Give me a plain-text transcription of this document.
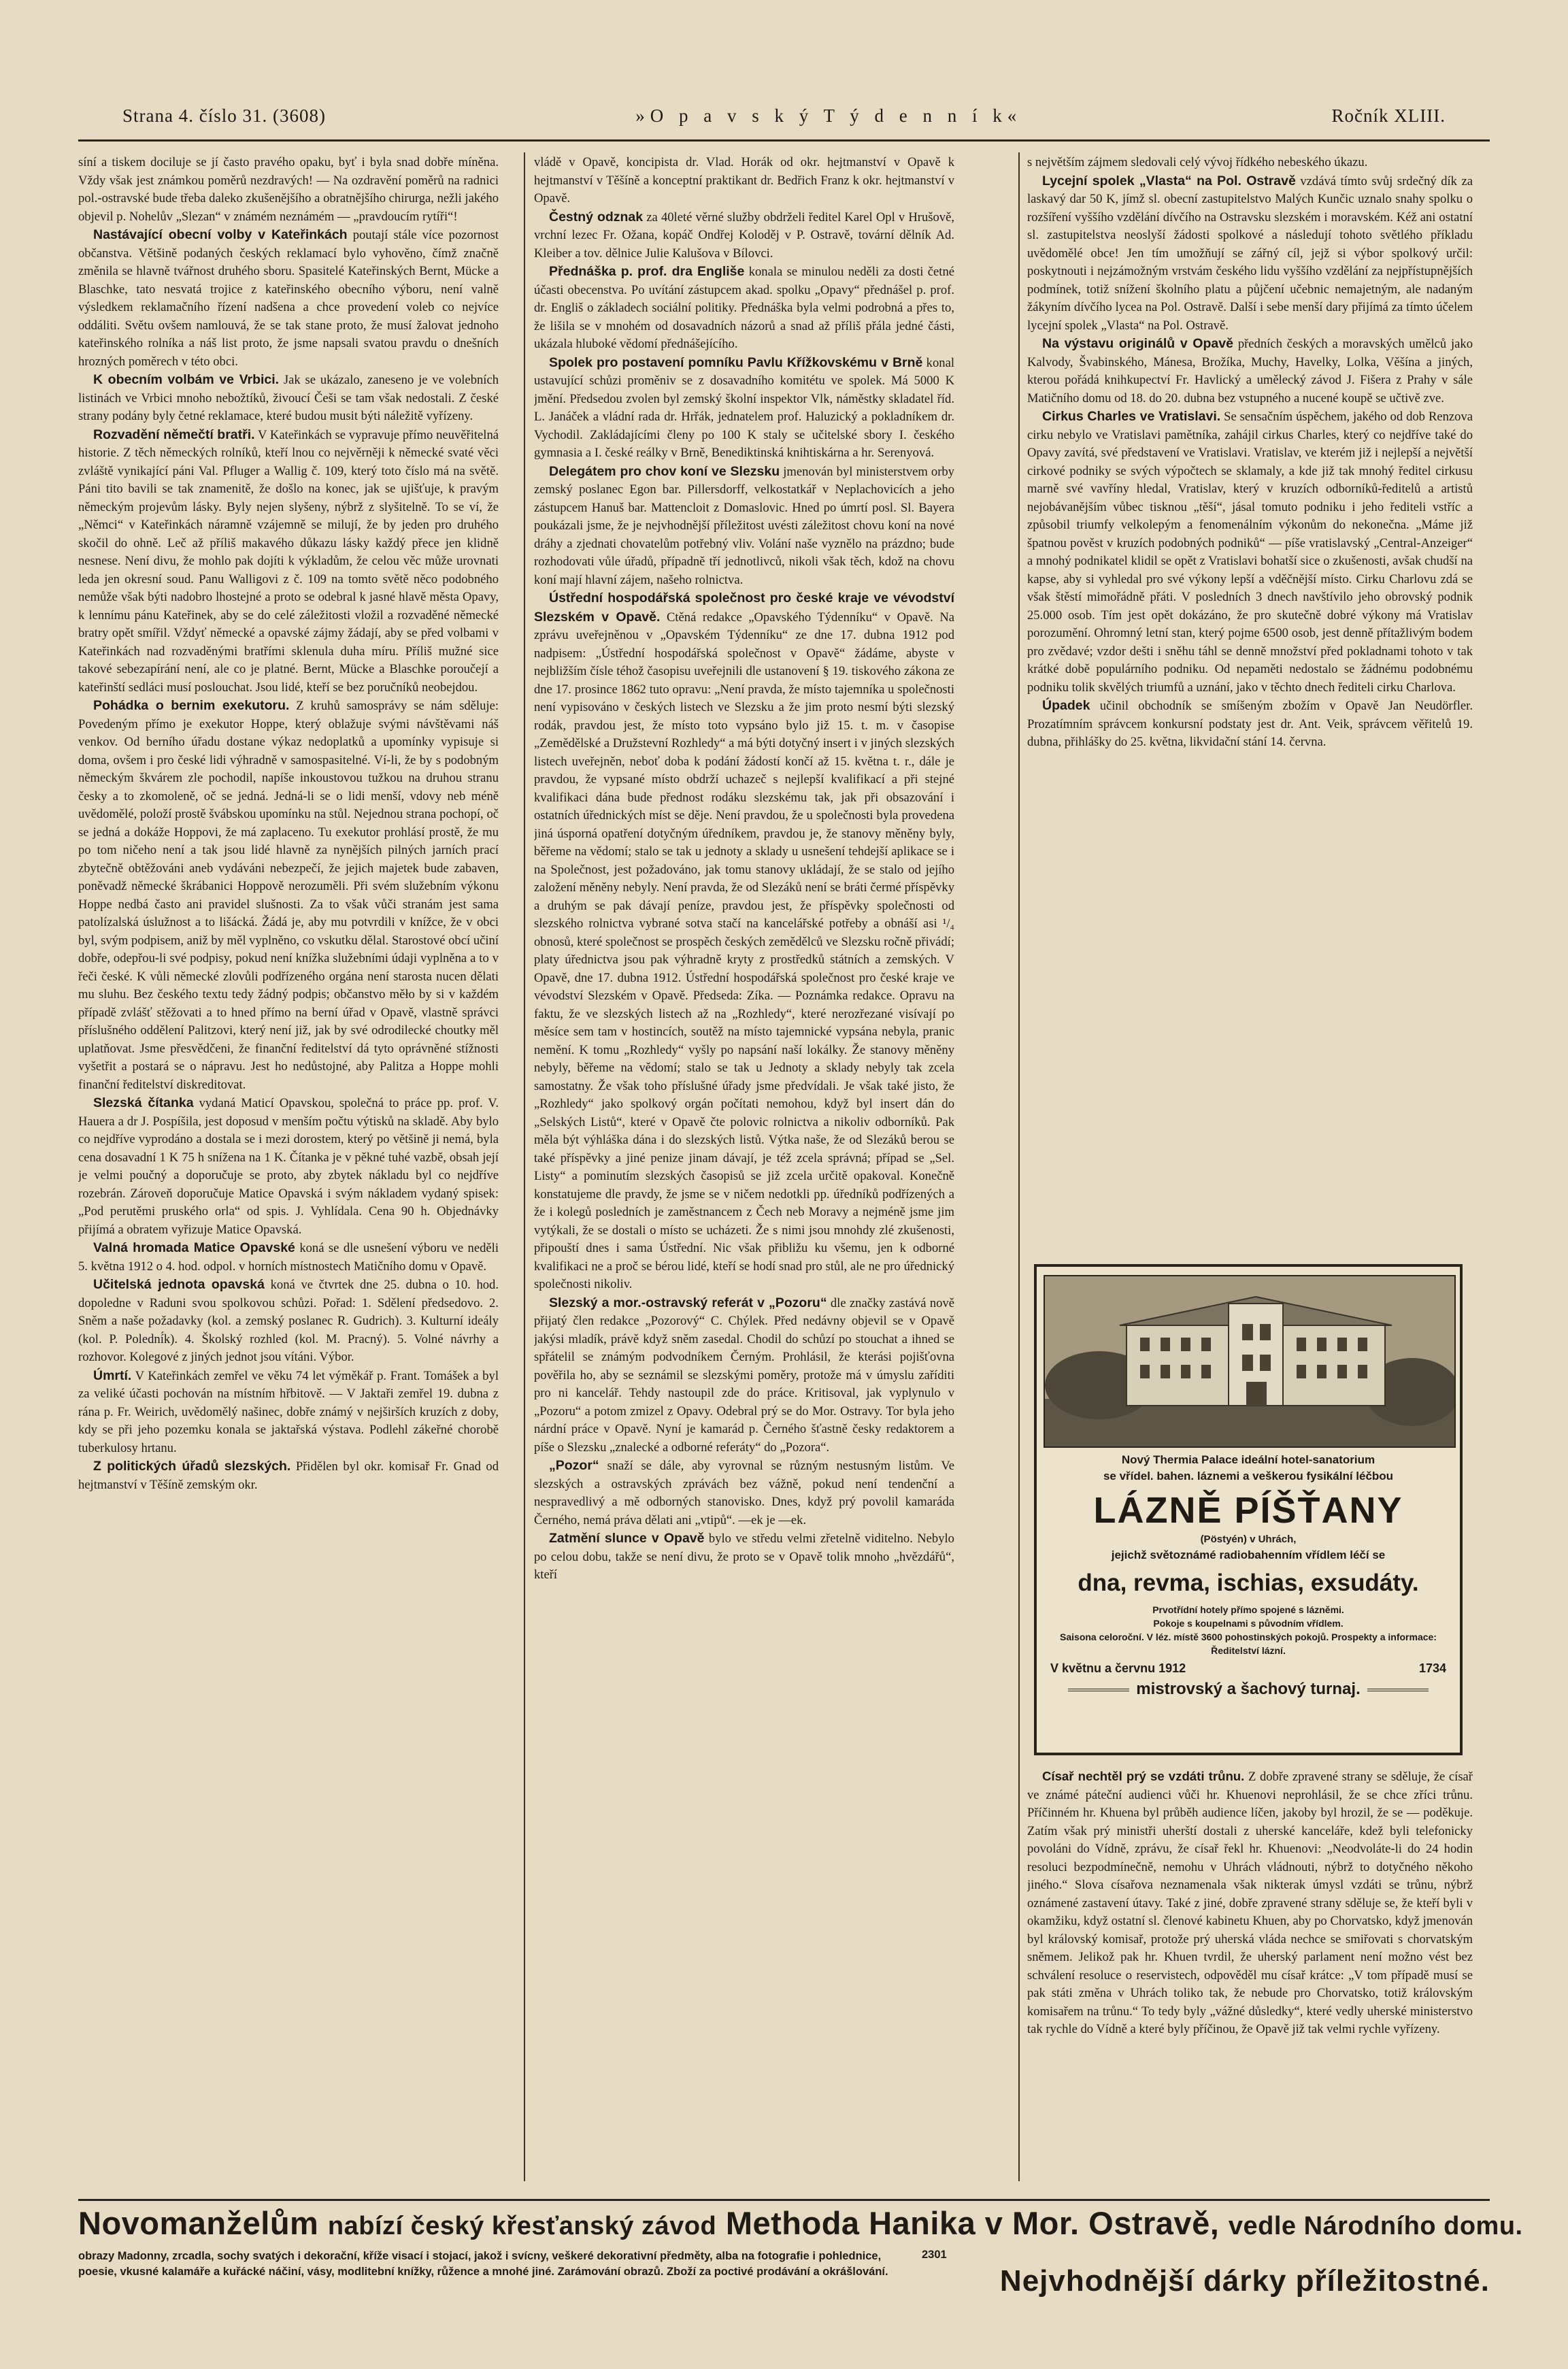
Strana 4. číslo 31. (3608)	»O p a v s k ý T ý d e n n í k«	Ročník XLIII.

síní a tiskem dociluje se jí často pravého opaku, byť i byla snad dobře míněna. Vždy však jest známkou poměrů nezdravých! — Na ozdravění poměrů na radnici pol.-ostravské bude třeba daleko zkušenějšího a obratnějšího chirurga, nežli jakého objevil p. Nohelův „Slezan“ v známém neznámém — „pravdoucím rytíři“!

Nastávající obecní volby v Kateřinkách poutají stále více pozornost občanstva. Většině podaných českých reklamací bylo vyhověno, čímž značně změnila se hlavně tvářnost druhého sboru. Spasitelé Kateřinských Bernt, Mücke a Blaschke, tato nesvatá trojice z kateřinského obecního výboru, není valně výsledkem reklamačního řízení nadšena a chce provedení voleb co nejvíce oddáliti. Světu ovšem namlouvá, že se tak stane proto, že musí žalovat jednoho kateřinského rolníka a náš list proto, že jsme napsali svatou pravdu o dnešních hrozných poměrech v této obci.

K obecním volbám ve Vrbici. Jak se ukázalo, zaneseno je ve volebních listinách ve Vrbici mnoho nebožtíků, živoucí Češi se tam však nedostali. Z české strany podány byly četné reklamace, které budou musit býti náležitě vyřízeny.

Rozvadění němečtí bratři. V Kateřinkách se vypravuje přímo neuvěřitelná historie. Z těch německých rolníků, kteří lnou co nejvěrněji k německé svaté věci zvláště vynikající páni Val. Pfluger a Wallig č. 109, který toto číslo má na světě. Páni tito bavili se tak znamenitě, že došlo na konec, jak se ujišťuje, k pravým německým projevům lásky. Byly nejen slyšeny, nýbrž z slyšitelně. To se ví, že „Němci“ v Kateřinkách náramně vzájemně se milují, že by jeden pro druhého skočil do ohně. Leč až příliš makavého důkazu lásky každý přece jen klidně nesnese. Není divu, že mohlo pak dojíti k výkladům, že celou věc může urovnati leda jen okresní soud. Panu Walligovi z č. 109 na tomto světě něco podobného nemůže však býti nadobro lhostejné a proto se odebral k jasné hlavě města Opavy, k lennímu pánu Kateřinek, aby se do celé záležitosti vložil a rozvaděné německé bratry opět smířil. Vždyť německé a opavské zájmy žádají, aby se před volbami v Kateřinkách nad rozvaděnými bratřími sklenula duha míru. Příliš mužné sice takové sebezapírání není, ale co je platné. Bernt, Mücke a Blaschke poroučejí a kateřinští sedláci musí poslouchat. Jsou lidé, kteří se bez poručníků neobejdou.

Pohádka o bernim exekutoru. Z kruhů samosprávy se nám sděluje: Povedeným přímo je exekutor Hoppe, který oblažuje svými návštěvami náš venkov. Od berního úřadu dostane výkaz nedoplatků a upomínky vypisuje si doma, ovšem i pro české lidi výhradně v samospasitelné. Ví-li, že by s podobným německým škvárem zle pochodil, napíše inkoustovou tužkou na druhou stranu česky a to zkomoleně, oč se jedná. Jedná-li se o lidi menší, vdovy neb méně uvědomělé, položí prostě švábskou upomínku na stůl. Nejednou strana pochopí, oč se jedná a dokáže Hoppovi, že má zaplaceno. Tu exekutor prohlásí prostě, že mu po tom ničeho není a tak jsou lidé hlavně za nynějších pilných jarních prací zbytečně obtěžováni aneb vydáváni nebezpečí, že jejich majetek bude zabaven, poněvadž německé škrábanici Hoppově nerozuměli. Při svém služebním výkonu Hoppe nedbá často ani pravidel slušnosti. Za to však vůči stranám jest sama patolízalská úslužnost a to lišácká. Žádá je, aby mu potvrdili v knížce, že v obci byl, svým podpisem, aniž by měl vyplněno, co vskutku dělal. Starostové obcí učiní dobře, odepřou-li své podpisy, pokud není knížka služebními údaji vyplněna a to v řeči české. K vůli německé zlovůli podřízeného orgána není starosta nucen dělati mu sluhu. Bez českého textu tedy žádný podpis; občanstvo měło by si v každém případě zvlášť stěžovati a to hned přímo na berní úřad v Opavě, vlastně správci příslušného oddělení Palitzovi, který není již, jak by své odrodilecké choutky měl uplatňovat. Jsme přesvědčeni, že finanční ředitelství dá tyto oprávněné stížnosti vyšetřit a postará se o nápravu. Jest ho nedůstojné, aby Palitza a Hoppe mohli finanční ředitelství diskreditovat.

Slezská čítanka vydaná Maticí Opavskou, společná to práce pp. prof. V. Hauera a dr J. Pospíšila, jest doposud v menším počtu výtisků na skladě. Aby bylo co nejdříve vyprodáno a dostala se i mezi dorostem, který po většině ji nemá, byla cena dosavadní 1 K 75 h snížena na 1 K. Čítanka je v pěkné tuhé vazbě, obsah její je velmi poučný a doporučuje se proto, aby zbytek nákladu byl co nejdříve rozebrán. Zároveň doporučuje Matice Opavská i svým nákladem vydaný spisek: „Pod perutěmi pruského orla“ od spis. J. Vyhlídala. Cena 90 h. Objednávky přijímá a obratem vyřizuje Matice Opavská.

Valná hromada Matice Opavské koná se dle usnešení výboru ve neděli 5. května 1912 o 4. hod. odpol. v horních místnostech Matičního domu v Opavě.

Učitelská jednota opavská koná ve čtvrtek dne 25. dubna o 10. hod. dopoledne v Raduni svou spolkovou schůzi. Pořad: 1. Sdělení předsedovo. 2. Sněm a naše požadavky (kol. a zemský poslanec R. Gudrich). 3. Kulturní ideály (kol. P. Polední́k). 4. Školský rozhled (kol. M. Pracný). 5. Volné návrhy a rozhovor. Kolegové z jiných jednot jsou vítáni. Výbor.

Úmrtí. V Kateřinkách zemřel ve věku 74 let výměkář p. Frant. Tomášek a byl za veliké účasti pochován na místním hřbitově. — V Jaktaři zemřel 19. dubna z rána p. Fr. Weirich, uvědomělý našinec, dobře známý v nejširších kruzích z doby, kdy se při jeho pozemku konala se jaktařská výstava. Podlehl zákeřné chorobě tuberkulosy hrtanu.

Z politických úřadů slezských. Přidělen byl okr. komisař Fr. Gnad od hejtmanství v Těšíně zemským okr.

vládě v Opavě, koncipista dr. Vlad. Horák od okr. hejtmanství v Opavě k hejtmanství v Těšíně a konceptní praktikant dr. Bedřich Franz k okr. hejtmanství v Opavě.

Čestný odznak za 40leté věrné služby obdrželi ředitel Karel Opl v Hrušově, vrchní lezec Fr. Ožana, kopáč Ondřej Koloděj v P. Ostravě, tovární dělník Ad. Kleiber a tov. dělnice Julie Kalušova v Bílovci.

Přednáška p. prof. dra Engliše konala se minulou neděli za dosti četné účasti obecenstva. Po uvítání zástupcem akad. spolku „Opavy“ přednášel p. prof. dr. Engliš o základech sociální politiky. Přednáška byla velmi podrobná a přes to, že lišila se v mnohém od dosavadních názorů a snad až příliš přála jedné části, ukázala hluboké vědomí přednášejícího.

Spolek pro postavení pomníku Pavlu Křížkovskému v Brně konal ustavující schůzi proměniv se z dosavadního komitétu ve spolek. Má 5000 K jmění. Předsedou zvolen byl zemský školní inspektor Vlk, náměstky skladatel říd. L. Janáček a vládní rada dr. Hrřák, jednatelem prof. Haluzický a pokladníkem dr. Vychodil. Zakládajícími členy po 100 K staly se učitelské sbory I. českého gymnasia a I. české reálky v Brně, Benediktinská knihtiskárna a hr. Serenyová.

Delegátem pro chov koní ve Slezsku jmenován byl ministerstvem orby zemský poslanec Egon bar. Pillersdorff, velkostatkář v Neplachovicích a jeho zástupcem Hanuš bar. Mattencloit z Domaslovic. Hned po úmrtí posl. Sl. Bayera poukázali jsme, že je nejvhodnější příležitost uvésti záležitost chovu koní na nové dráhy a zjednati chovatelům potřebný vliv. Volání naše vyznělo na prázdno; bude rozhodovati vůle úřadů, případně tří jednotlivců, nikoli však těch, kdož na chovu koní mají hlavní zájem, našeho rolnictva.

Ústřední hospodářská společnost pro české kraje ve vévodství Slezském v Opavě. Ctěná redakce „Opavského Týdenníku“ v Opavě. Na zprávu uveřejněnou v „Opavském Týdenníku“ ze dne 17. dubna 1912 pod nadpisem: „Ústřední hospodářská společnost v Opavě“ žádáme, abyste v nejbližším čísle téhož časopisu uveřejnili dle ustanovení § 19. tiskového zákona ze dne 17. prosince 1862 tuto opravu: „Není pravda, že místo tajemníka u společnosti není vypisováno v českých listech ve Slezsku a že jim proto nesmí býti slezský rodák, pravdou jest, že místo toto vypsáno bylo již 15. t. m. v časopise „Zemědělské a Družstevní Rozhledy“ a má býti dotyčný insert i v jiných slezských listech uveřejněn, neboť doba k podání žádostí končí až 15. května t. r., dále je pravdou, že vypsané místo obdrží uchazeč s nejlepší kvalifikací a při stejné kvalifikaci dána bude přednost rodáku slezskému tak, jak při obsazování i ostatních úřednických míst se děje. Není pravdou, že u společnosti byla provedena jiná úsporná opatření dotyčným úředníkem, pravdou je, že stanovy měněny byly, běřeme na vědomí; stalo se tak u jednoty a sklady u usnešení tehdejší aplikace se i na Společnost, jest požadováno, jak tomu stanovy ukládají, že se stalo od jejího založení měněny nebyly. Není pravda, že od Slezáků není se bráti čermé příspěvky a druhým se pak dávají peníze, pravdou jest, že příspěvky společnosti od slezského rolnictva vybrané sotva stačí na kancelářské potřeby a obnáší asi ¹/₄ obnosů, které společnost se prospěch českých zemědělců ve Slezsku ročně přivádí; platy úřednictva jsou pak výhradně kryty z prostředků státních a zemských. V Opavě, dne 17. dubna 1912. Ústřední hospodářská společnost pro české kraje ve vévodství Slezském v Opavě. Předseda: Zíka. — Poznámka redakce. Opravu na faktu, že ve slezských listech až na „Rozhledy“, které nerozřezané visívají po měsíce sem tam v hostincích, soutěž na místo tajemnické vypsána nebyla, pranic nemění. K tomu „Rozhledy“ vyšly po napsání naší lokálky. Že stanovy měněny nebyly, běřeme na vědomí; stalo se tak u Jednoty a sklady nebyly tak zcela samostatny. Že však toho příslušné úřady jsme předvídali. Je však také jisto, že „Rozhledy“ jako spolkový orgán počítati nemohou, když byl insert dán do „Selských Listů“, které v Opavě čte polovic rolnictva a nikoliv odborníků. Pak měla být výhláška dána i do slezských listů. Výtka naše, že od Slezáků berou se také příspěvky a jiné penize jinam dávají, je též zcela správná; případ se „Sel. Listy“ a pominutím slezských časopisů se již zcela určitě opakoval. Konečně konstatujeme dle pravdy, že jsme se v ničem nedotkli pp. úředníků podřízených a že i kolegů posledních je zaměstnancem z Čech neb Moravy a nejméně jsme jim vytýkali, že se dostali o místo se ucházeti. Že s nimi jsou mnohdy zlé zkušenosti, připouští dnes i sama Ústřední. Nic však přibližu ku všemu, jen k odborné kvalifikaci ne a proč se bérou lidé, kteří se hodí snad pro stůl, ale ne pro úřednický společnosti nikoliv.

Slezský a mor.-ostravský referát v „Pozoru“ dle značky zastává nově přijatý člen redakce „Pozorový“ C. Chýlek. Před nedávny objevil se v Opavě jakýsi mladík, právě když sněm zasedal. Chodil do schůzí po stouchat a ihned se spřátelil se známým podvodníkem Černým. Prohlásil, že kterási pojišťovna pověřila ho, aby se seznámil se slezskými poměry, protože má v úmyslu zaříditi pro ni kancelář. Tehdy nastoupil zde do práce. Kritisoval, jak vyplynulo v „Pozoru“ a potom zmizel z Opavy. Odebral prý se do Mor. Ostravy. Tor byla jeho nárdní práce v Opavě. Nyní je kamarád p. Černého šťastně česky redaktorem a píše o Slezsku „znalecké a odborné referáty“ do „Pozora“.

„Pozor“ snaží se dále, aby vyrovnal se různým nestusným listům. Ve slezských a ostravských zprávách bez vážně, pokud není tendenční a nespravedlivý a mě odborných stanovisko. Dnes, když prý povolil kamaráda Černého, nemá práva dělati ani „vtipů“. —ek je —ek.

Zatmění slunce v Opavě bylo ve středu velmi zřetelně viditelno. Nebylo po celou dobu, takže se není divu, že proto se v Opavě tolik mnoho „hvězdářů“, kteří

s největším zájmem sledovali celý vývoj řídkého nebeského úkazu.

Lycejní spolek „Vlasta“ na Pol. Ostravě vzdává tímto svůj srdečný dík za laskavý dar 50 K, jímž sl. obecní zastupitelstvo Malých Kunčic uznalo snahy spolku o rozšíření vyššího vzdělání dívčího na Ostravsku slezském i moravském. Kéž ani ostatní sl. zastupitelstva neoslyší žádosti spolkové a následují tohoto světlého příkladu uvědomělé obce! Jen tím umožňují se zářný cíl, jejž si výbor spolkový určil: poskytnouti i nejzámožným vrstvám českého lidu vyššího vzdělání za nejpřístupnějších podmínek, totiž snížení školního platu a půjčení učebnic nemajetným, ale nadaným žákyním dívčího lycea na Pol. Ostravě. Další i sebe menší dary přijímá za tímto účelem lycejní spolek „Vlasta“ na Pol. Ostravě.

Na výstavu originálů v Opavě předních českých a moravských umělců jako Kalvody, Švabinského, Mánesa, Brožíka, Muchy, Havelky, Lolka, Věšína a jiných, kterou pořádá knihkupectví Fr. Havlický a umělecký závod J. Fišera z Prahy v sále Matičního domu od 18. do 20. dubna bez vstupného a nucené koupě se učtivě zve.

Cirkus Charles ve Vratislavi. Se sensačním úspěchem, jakého od dob Renzova cirku nebylo ve Vratislavi pamětníka, zahájil cirkus Charles, který co nejdříve také do Opavy zavítá, své představení ve Vratislavi. Vratislav, ve kterém již i nejlepší a největší cirkové podniky se svých výpočtech se sklamaly, a kde již tak mnohý ředitel cirkusu marně své vavříny hledal, Vratislav, který v kruzích odborníků-ředitelů a artistů nejobávanějším vůbec tisknou „těší“, jásal tomuto podniku i jeho řediteli vstříc a způsobil triumfy velkolepým a fenomenálním výkonům do nekonečna. „Máme již špatnou pověst v kruzích podobných podniků“ — píše vratislavský „Central-Anzeiger“ a mnohý podnikatel klidil se opět z Vratislavi bohatší sice o zkušenosti, avšak chudší na kapse, aby si vyhledal pro své výkony lepší a vděčnější místo. Cirku Charlovu zdá se však štěstí mimořádně přáti. V posledních 3 dnech navštívilo jeho obrovský podnik 25.000 osob. Tím jest opět dokázáno, že pro skutečně dobré výkony má Vratislav porozumění. Ohromný letní stan, který pojme 6500 osob, jest denně přítažlivým bodem pro zvědavé; vzdor dešti i sněhu táhl se denně množství před pokladnami tohoto v tak krátké době populárního podniku. Od nepaměti nedostalo se žádnému podobnému podniku tolik skvělých triumfů a uznání, jako v těchto dnech řediteli cirku Charlova.

Úpadek učinil obchodník se smíšeným zbožím v Opavě Jan Neudörfler. Prozatímním správcem konkursní podstaty jest dr. Ant. Veik, správcem věřitelů 19. dubna, přihlášky do 25. května, likvidační stání 14. června.

Nový Thermia Palace ideální hotel-sanatorium
se vřídel. bahen. láznemi a veškerou fysikální léčbou
LÁZNĚ PÍŠŤANY
(Pöstyén) v Uhrách,
jejichž světoznámé radiobahenním vřídlem léčí se
dna, revma, ischias, exsudáty.
Prvotřídní hotely přímo spojené s lázněmi.
Pokoje s koupelnami s původním vřídlem.
Saisona celoroční. V léz. místě 3600 pohostinských pokojů. Prospekty a informace:
Ředitelství lázní.
V květnu a červnu 1912	1734
mistrovský a šachový turnaj.

Císař nechtěl prý se vzdáti trůnu. Z dobře zpravené strany se sděluje, že císař ve známé páteční audienci vůči hr. Khuenovi neprohlásil, že se chce zříci trůnu. Příčinném hr. Khuena byl průběh audience líčen, jakoby byl hrozil, že se — poděkuje. Zatím však prý ministři uherští dostali z uherské kanceláře, kdež byli telefonicky povoláni do Vídně, zprávu, že císař řekl hr. Khuenovi: „Neodvoláte-li do 24 hodin resoluci bezpodmínečně, nemohu v Uhrách vládnouti, nýbrž to dotyčného někoho jiného.“ Slova císařova neznamenala však nikterak úmysl vzdáti se trůnu, nýbrž oznámené zastavení útavy. Také z jiné, dobře zpravené strany sděluje se, že kteří byli v okamžiku, když ostatní sl. členové kabinetu Khuen, aby po Chorvatsko, když jmenován byl královský komisař, protože prý uherská vláda nechce se smiřovati s chorvatským sněmem. Jelikož pak hr. Khuen tvrdil, že uherský parlament není možno vést bez schválení resoluce o reservistech, odpověděl mu císař krátce: „V tom případě musí se pak státi změna v Uhrách toliko tak, že nebude pro Chorvatsko, totiž královským komisařem na trůnu.“ To tedy byly „vážné důsledky“, které vedly uherské ministerstvo tak rychle do Vídně a které byly příčinou, že Opavě již tak velmi rychle vyřízeny.

Novomanželům nabízí český křesťanský závod Methoda Hanika v Mor. Ostravě, vedle Národního domu.
obrazy Madonny, zrcadla, sochy svatých i dekorační, kříže visací i stojací, jakož i svícny, veškeré dekorativní předměty, alba na fotografie i pohlednice, poesie, vkusné kalamáře a kuřácké náčiní, vásy, modlitební knížky, růžence a mnohé jiné. Zarámování obrazů. Zboží za poctivé prodávání a okrášlování.
2301
Nejvhodnější dárky příležitostné.
